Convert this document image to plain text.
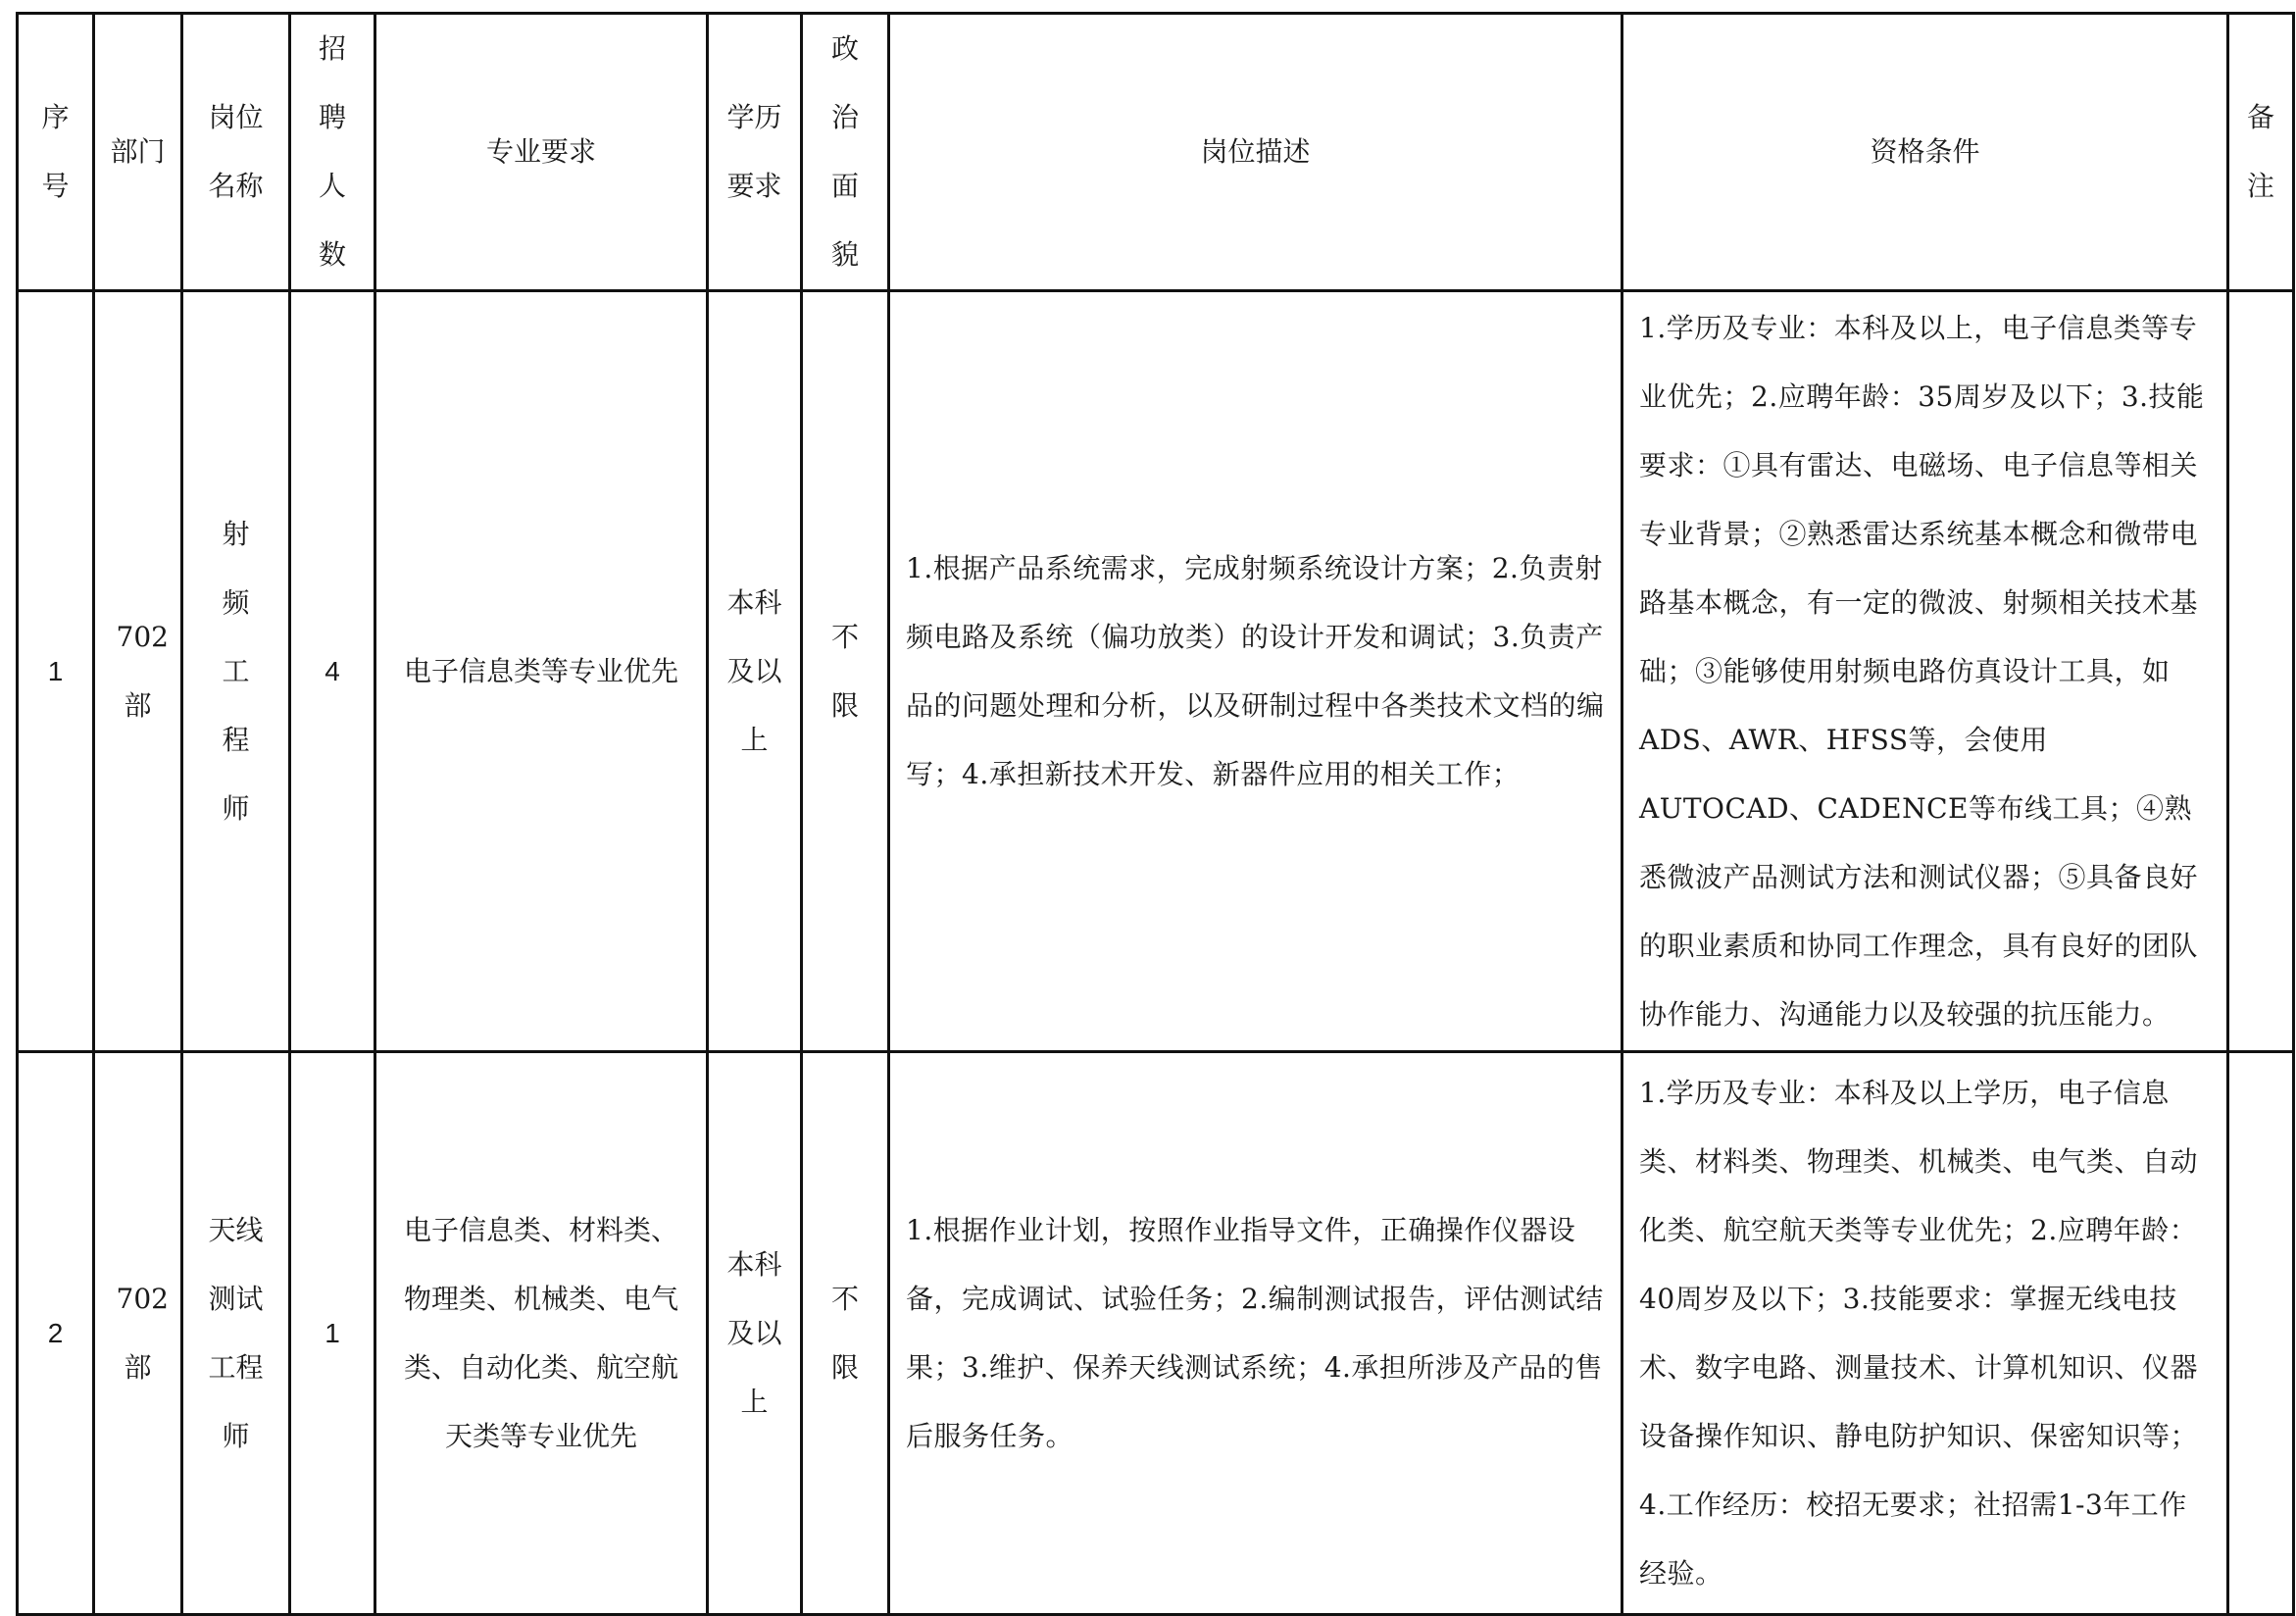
序号	部门	岗位名称	招聘人数	专业要求	学历要求	政治面貌	岗位描述	资格条件	备注

1	702部	射频工程师	4	电子信息类等专业优先	本科及以上	不限	1.根据产品系统需求，完成射频系统设计方案；2.负责射频电路及系统（偏功放类）的设计开发和调试；3.负责产品的问题处理和分析，以及研制过程中各类技术文档的编写；4.承担新技术开发、新器件应用的相关工作；	1.学历及专业：本科及以上，电子信息类等专业优先；2.应聘年龄：35周岁及以下；3.技能要求：①具有雷达、电磁场、电子信息等相关专业背景；②熟悉雷达系统基本概念和微带电路基本概念，有一定的微波、射频相关技术基础；③能够使用射频电路仿真设计工具，如ADS、AWR、HFSS等，会使用AUTOCAD、CADENCE等布线工具；④熟悉微波产品测试方法和测试仪器；⑤具备良好的职业素质和协同工作理念，具有良好的团队协作能力、沟通能力以及较强的抗压能力。	

2	702部	天线测试工程师	1	电子信息类、材料类、物理类、机械类、电气类、自动化类、航空航天类等专业优先	本科及以上	不限	1.根据作业计划，按照作业指导文件，正确操作仪器设备，完成调试、试验任务；2.编制测试报告，评估测试结果；3.维护、保养天线测试系统；4.承担所涉及产品的售后服务任务。	1.学历及专业：本科及以上学历，电子信息类、材料类、物理类、机械类、电气类、自动化类、航空航天类等专业优先；2.应聘年龄：40周岁及以下；3.技能要求：掌握无线电技术、数字电路、测量技术、计算机知识、仪器设备操作知识、静电防护知识、保密知识等；4.工作经历：校招无要求；社招需1-3年工作经验。	
